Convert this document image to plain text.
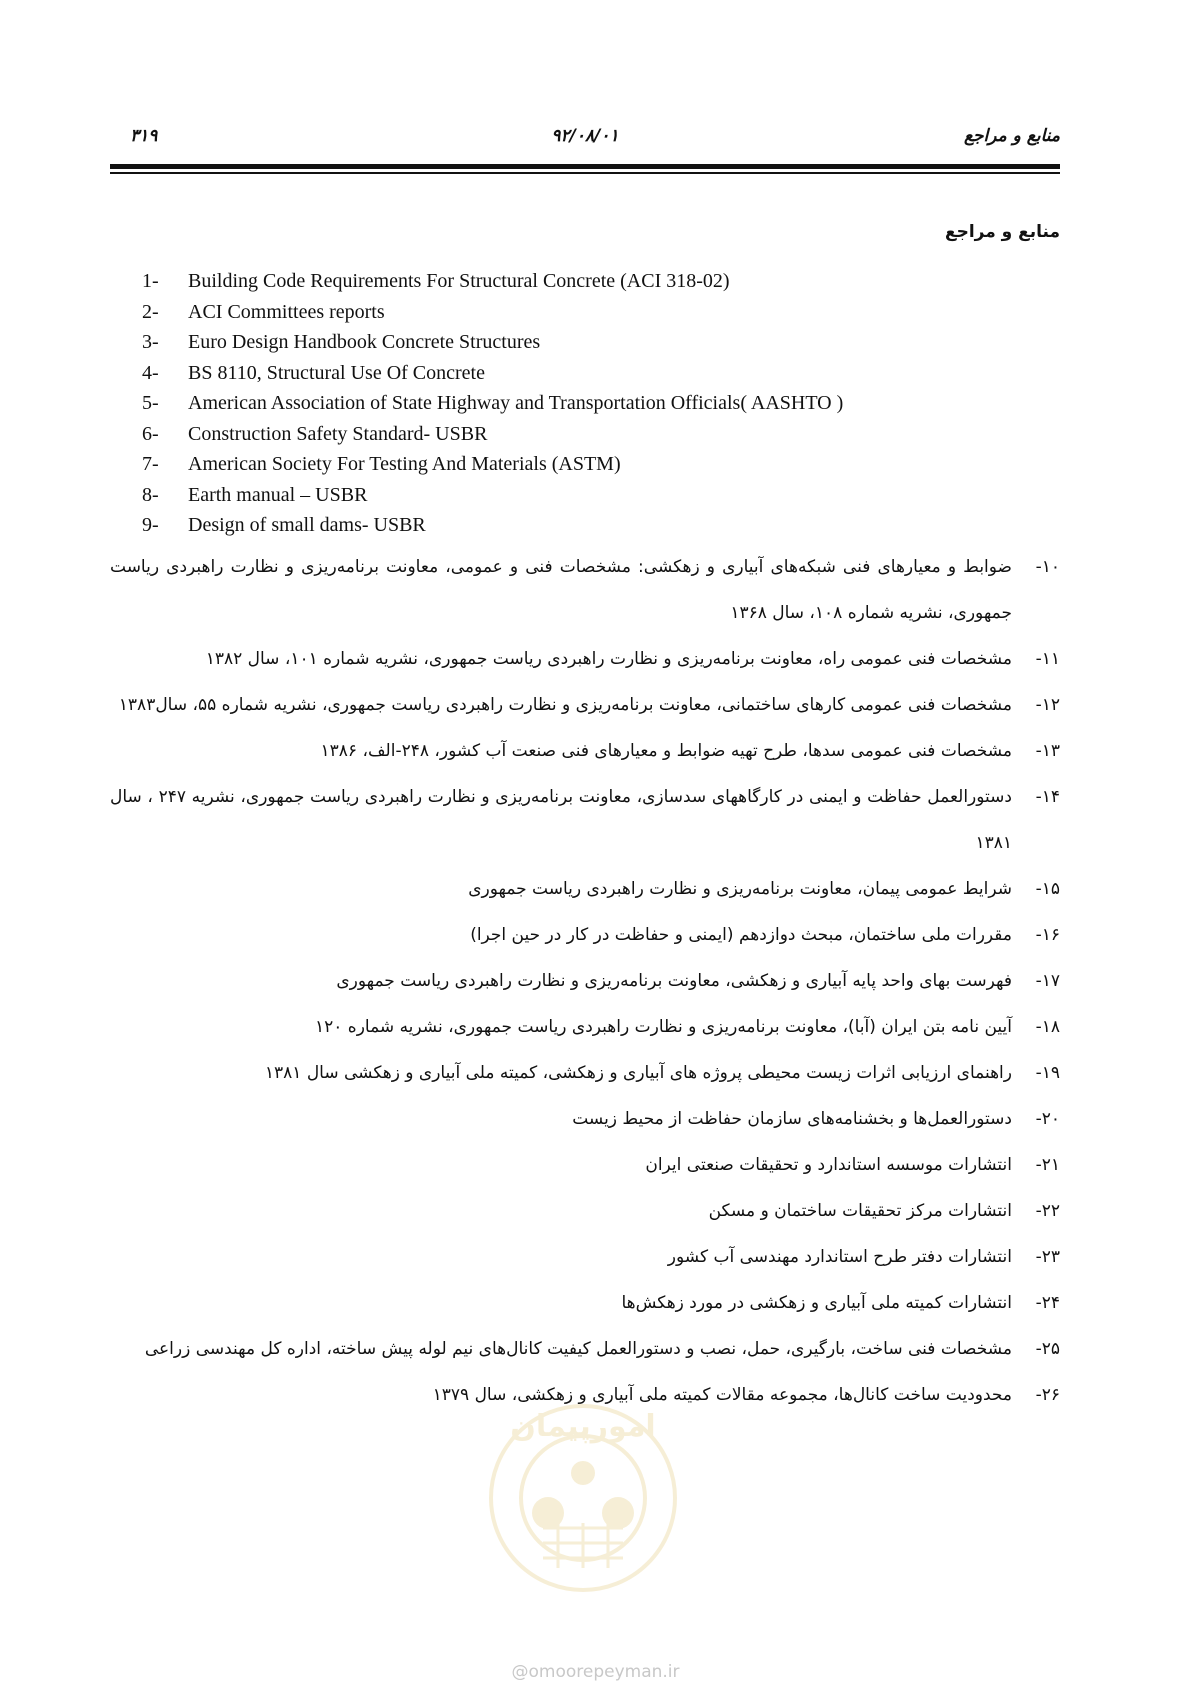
منابع و مراجع
۹۲/۰۸/۰۱
۳۱۹
منابع و مراجع
1-	Building Code Requirements For Structural Concrete (ACI 318-02)
2-	ACI Committees reports
3-	Euro Design Handbook Concrete Structures
4-	BS 8110, Structural Use Of Concrete
5-	American Association of State Highway and Transportation Officials( AASHTO )
6-	Construction Safety Standard- USBR
7-	American Society For Testing And Materials (ASTM)
8-	Earth manual – USBR
9-	Design of small dams- USBR

۱۰-
ضوابط و معیارهای فنی شبکه‌های آبیاری و زهکشی: مشخصات فنی و عمومی، معاونت برنامه‌ریزی و نظارت راهبردی ریاست جمهوری، نشریه شماره ۱۰۸، سال ۱۳۶۸

۱۱-
مشخصات فنی عمومی راه، معاونت برنامه‌ریزی و نظارت راهبردی ریاست جمهوری، نشریه شماره ۱۰۱، سال ۱۳۸۲

۱۲-
مشخصات فنی عمومی کارهای ساختمانی، معاونت برنامه‌ریزی و نظارت راهبردی ریاست جمهوری، نشریه شماره ۵۵، سال۱۳۸۳

۱۳-
مشخصات فنی عمومی سدها، طرح تهیه ضوابط و معیارهای فنی صنعت آب کشور، ۲۴۸-الف، ۱۳۸۶

۱۴-
دستورالعمل حفاظت و ایمنی در کارگاههای سدسازی، معاونت برنامه‌ریزی و نظارت راهبردی ریاست جمهوری، نشریه ۲۴۷ ، سال ۱۳۸۱

۱۵-
شرایط عمومی پیمان، معاونت برنامه‌ریزی و نظارت راهبردی ریاست جمهوری

۱۶-
مقررات ملی ساختمان، مبحث دوازدهم (ایمنی و حفاظت در کار در حین اجرا)

۱۷-
فهرست بهای واحد پایه آبیاری و زهکشی، معاونت برنامه‌ریزی و نظارت راهبردی ریاست جمهوری

۱۸-
آیین نامه بتن ایران (آبا)، معاونت برنامه‌ریزی و نظارت راهبردی ریاست جمهوری، نشریه شماره ۱۲۰

۱۹-
راهنمای ارزیابی اثرات زیست محیطی پروژه های آبیاری و زهکشی، کمیته ملی آبیاری و زهکشی سال ۱۳۸۱

۲۰-
دستورالعمل‌ها و بخشنامه‌های سازمان حفاظت از محیط زیست

۲۱-
انتشارات موسسه استاندارد و تحقیقات صنعتی ایران

۲۲-
انتشارات مرکز تحقیقات ساختمان و مسکن

۲۳-
انتشارات دفتر طرح استاندارد مهندسی آب کشور

۲۴-
انتشارات کمیته ملی آبیاری و زهکشی در مورد زهکش‌ها

۲۵-
مشخصات فنی ساخت، بارگیری، حمل، نصب و دستورالعمل کیفیت کانال‌های نیم لوله پیش ساخته، اداره کل مهندسی زراعی

۲۶-
محدودیت ساخت کانال‌ها، مجموعه مقالات کمیته ملی آبیاری و زهکشی، سال ۱۳۷۹

امورپیمان
@omoorepeyman.ir
